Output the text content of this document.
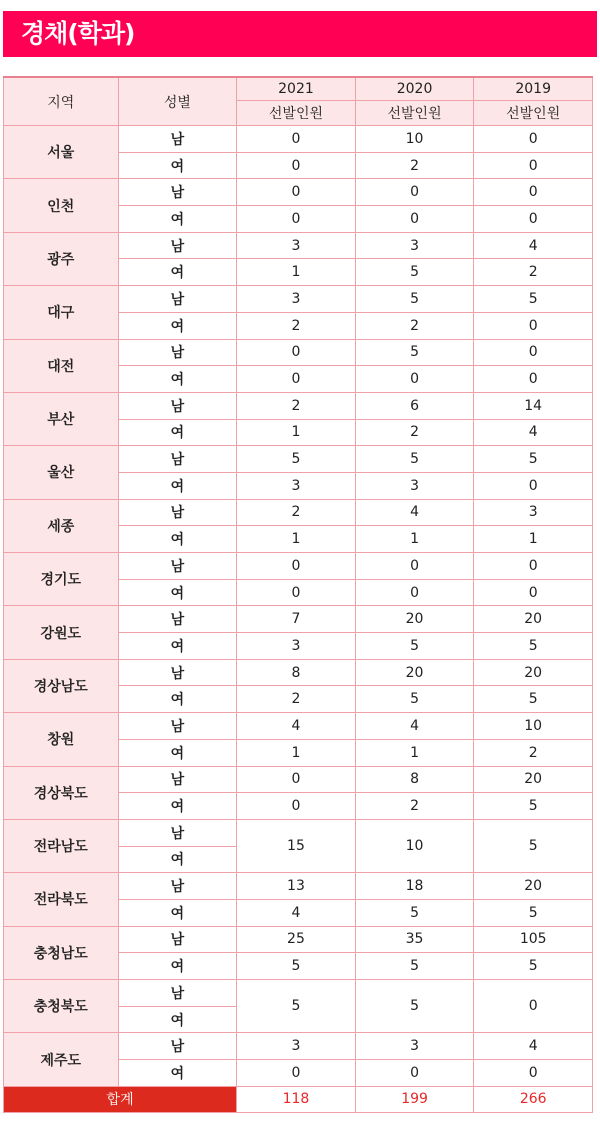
경채(학과)
지역	성별	2021	2020	2019
		선발인원	선발인원	선발인원
서울	남	0	10	0
	여	0	2	0
인천	남	0	0	0
	여	0	0	0
광주	남	3	3	4
	여	1	5	2
대구	남	3	5	5
	여	2	2	0
대전	남	0	5	0
	여	0	0	0
부산	남	2	6	14
	여	1	2	4
울산	남	5	5	5
	여	3	3	0
세종	남	2	4	3
	여	1	1	1
경기도	남	0	0	0
	여	0	0	0
강원도	남	7	20	20
	여	3	5	5
경상남도	남	8	20	20
	여	2	5	5
창원	남	4	4	10
	여	1	1	2
경상북도	남	0	8	20
	여	0	2	5
전라남도	남	15	10	5
	여			
전라북도	남	13	18	20
	여	4	5	5
충청남도	남	25	35	105
	여	5	5	5
충청북도	남	5	5	0
	여			
제주도	남	3	3	4
	여	0	0	0
합계		118	199	266
